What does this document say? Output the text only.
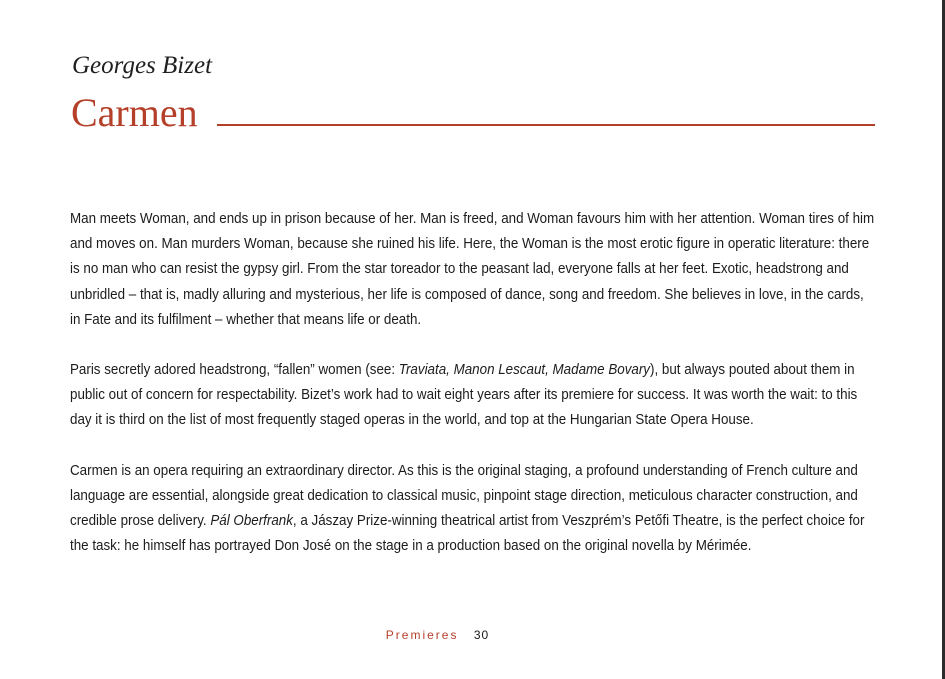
Georges Bizet
Carmen

Man meets Woman, and ends up in prison because of her. Man is freed, and Woman favours him with her attention. Woman tires of him and moves on. Man murders Woman, because she ruined his life. Here, the Woman is the most erotic figure in operatic literature: there is no man who can resist the gypsy girl. From the star toreador to the peasant lad, everyone falls at her feet. Exotic, headstrong and unbridled – that is, madly alluring and mysterious, her life is composed of dance, song and freedom. She believes in love, in the cards, in Fate and its fulfilment – whether that means life or death.

Paris secretly adored headstrong, “fallen” women (see: Traviata, Manon Lescaut, Madame Bovary), but always pouted about them in public out of concern for respectability. Bizet’s work had to wait eight years after its premiere for success. It was worth the wait: to this day it is third on the list of most frequently staged operas in the world, and top at the Hungarian State Opera House.

Carmen is an opera requiring an extraordinary director. As this is the original staging, a profound understanding of French culture and language are essential, alongside great dedication to classical music, pinpoint stage direction, meticulous character construction, and credible prose delivery. Pál Oberfrank, a Jászay Prize-winning theatrical artist from Veszprém’s Petőfi Theatre, is the perfect choice for the task: he himself has portrayed Don José on the stage in a production based on the original novella by Mérimée.

Premieres 30
